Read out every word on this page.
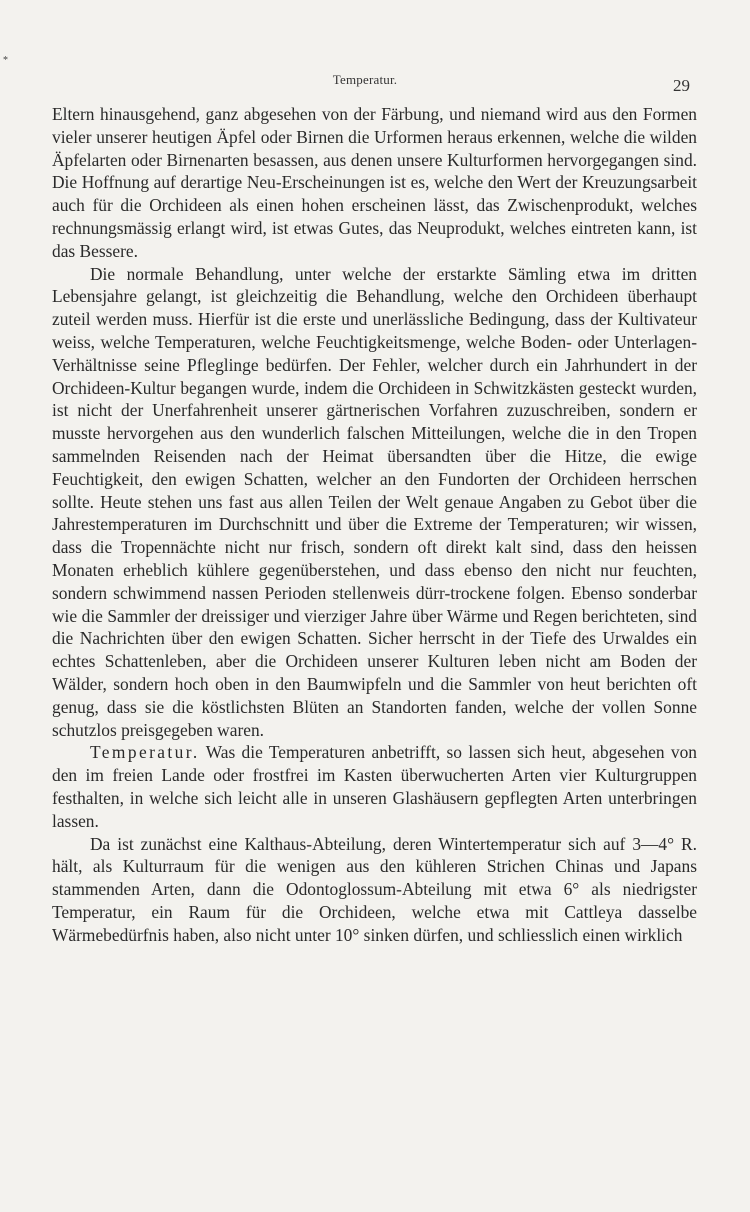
*
Temperatur.	29

Eltern hinausgehend, ganz abgesehen von der Färbung, und niemand wird aus den Formen vieler unserer heutigen Äpfel oder Birnen die Urformen heraus erkennen, welche die wilden Äpfelarten oder Birnenarten besassen, aus denen unsere Kulturformen hervorgegangen sind. Die Hoffnung auf derartige Neu-Erscheinungen ist es, welche den Wert der Kreuzungsarbeit auch für die Orchideen als einen hohen erscheinen lässt, das Zwischenprodukt, welches rechnungsmässig erlangt wird, ist etwas Gutes, das Neuprodukt, welches eintreten kann, ist das Bessere.

Die normale Behandlung, unter welche der erstarkte Sämling etwa im dritten Lebensjahre gelangt, ist gleichzeitig die Behandlung, welche den Orchideen überhaupt zuteil werden muss. Hierfür ist die erste und unerlässliche Bedingung, dass der Kultivateur weiss, welche Temperaturen, welche Feuchtigkeitsmenge, welche Boden- oder Unterlagen-Verhältnisse seine Pfleglinge bedürfen. Der Fehler, welcher durch ein Jahrhundert in der Orchideen-Kultur begangen wurde, indem die Orchideen in Schwitzkästen gesteckt wurden, ist nicht der Unerfahrenheit unserer gärtnerischen Vorfahren zuzuschreiben, sondern er musste hervorgehen aus den wunderlich falschen Mitteilungen, welche die in den Tropen sammelnden Reisenden nach der Heimat übersandten über die Hitze, die ewige Feuchtigkeit, den ewigen Schatten, welcher an den Fundorten der Orchideen herrschen sollte. Heute stehen uns fast aus allen Teilen der Welt genaue Angaben zu Gebot über die Jahrestemperaturen im Durchschnitt und über die Extreme der Temperaturen; wir wissen, dass die Tropennächte nicht nur frisch, sondern oft direkt kalt sind, dass den heissen Monaten erheblich kühlere gegenüberstehen, und dass ebenso den nicht nur feuchten, sondern schwimmend nassen Perioden stellenweis dürr-trockene folgen. Ebenso sonderbar wie die Sammler der dreissiger und vierziger Jahre über Wärme und Regen berichteten, sind die Nachrichten über den ewigen Schatten. Sicher herrscht in der Tiefe des Urwaldes ein echtes Schattenleben, aber die Orchideen unserer Kulturen leben nicht am Boden der Wälder, sondern hoch oben in den Baumwipfeln und die Sammler von heut berichten oft genug, dass sie die köstlichsten Blüten an Standorten fanden, welche der vollen Sonne schutzlos preisgegeben waren.

Temperatur. Was die Temperaturen anbetrifft, so lassen sich heut, abgesehen von den im freien Lande oder frostfrei im Kasten überwucherten Arten vier Kulturgruppen festhalten, in welche sich leicht alle in unseren Glashäusern gepflegten Arten unterbringen lassen.

Da ist zunächst eine Kalthaus-Abteilung, deren Wintertemperatur sich auf 3—4° R. hält, als Kulturraum für die wenigen aus den kühleren Strichen Chinas und Japans stammenden Arten, dann die Odontoglossum-Abteilung mit etwa 6° als niedrigster Temperatur, ein Raum für die Orchideen, welche etwa mit Cattleya dasselbe Wärmebedürfnis haben, also nicht unter 10° sinken dürfen, und schliesslich einen wirklich
